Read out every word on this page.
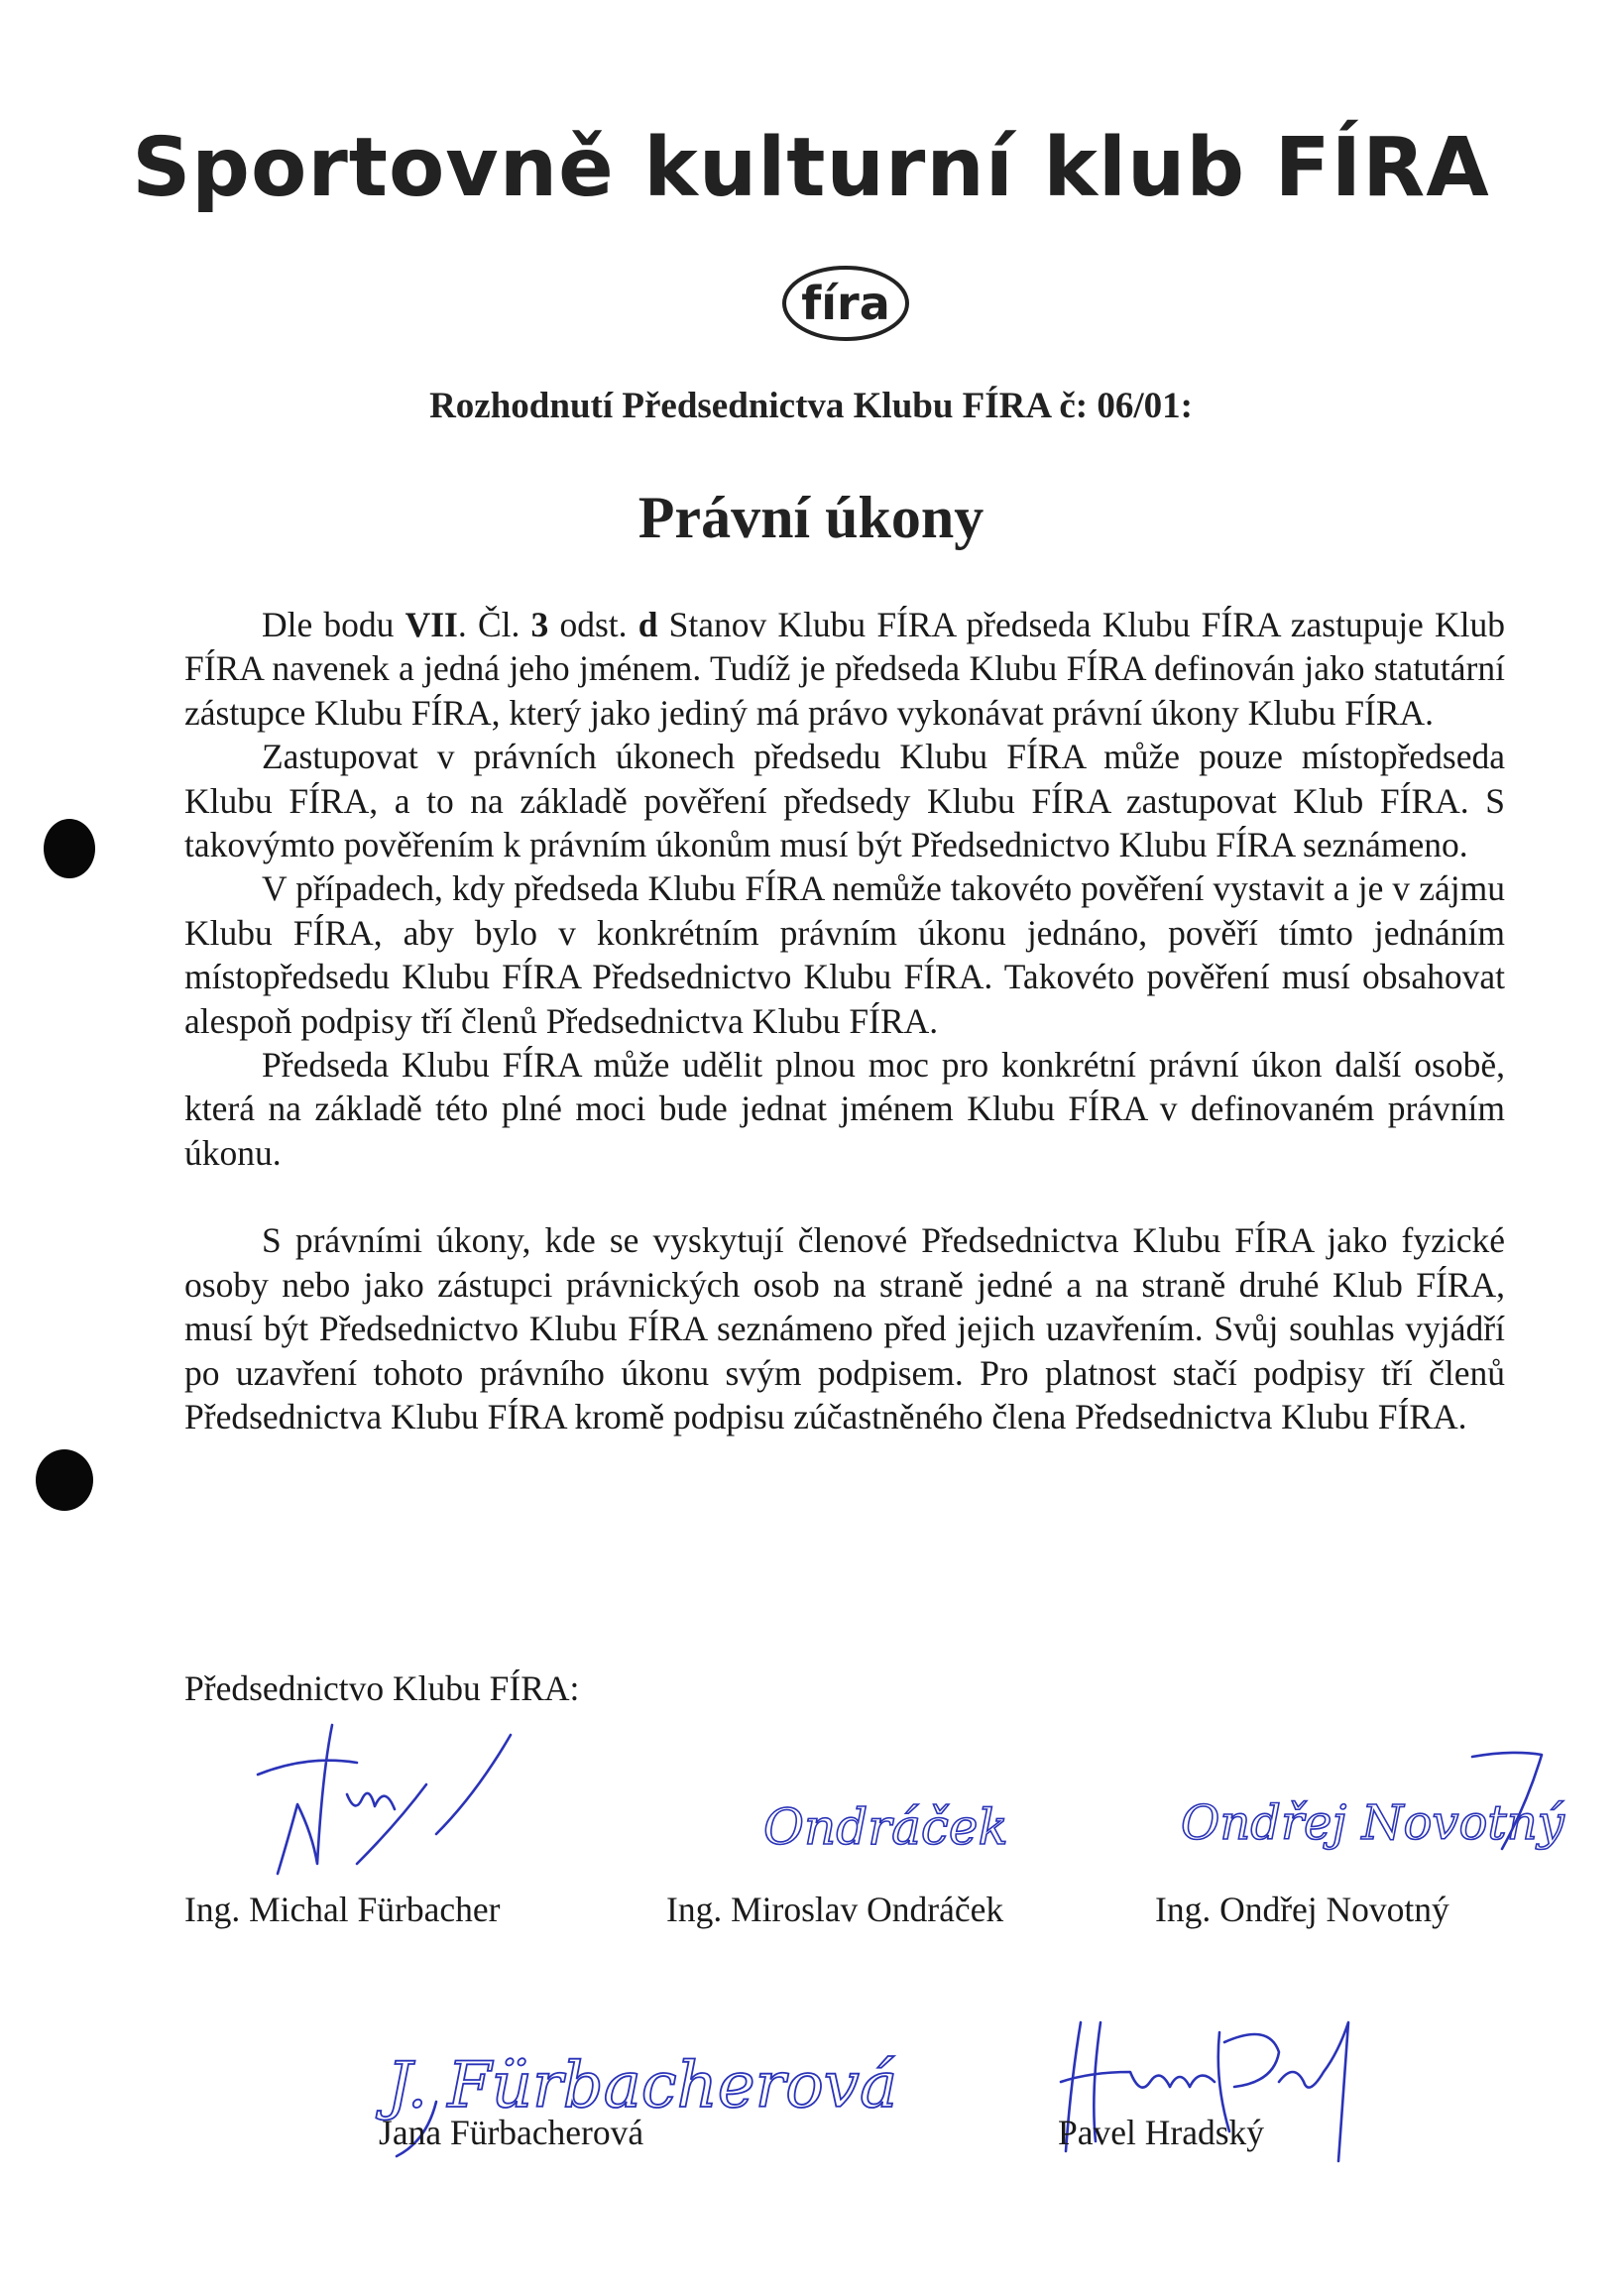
Sportovně kulturní klub FÍRA
fíra
Rozhodnutí Předsednictva Klubu FÍRA č: 06/01:
Právní úkony

Dle bodu VII. Čl. 3 odst. d Stanov Klubu FÍRA předseda Klubu FÍRA zastupuje Klub FÍRA navenek a jedná jeho jménem. Tudíž je předseda Klubu FÍRA definován jako statutární zástupce Klubu FÍRA, který jako jediný má právo vykonávat právní úkony Klubu FÍRA.

Zastupovat v právních úkonech předsedu Klubu FÍRA může pouze místopředseda Klubu FÍRA, a to na základě pověření předsedy Klubu FÍRA zastupovat Klub FÍRA. S takovýmto pověřením k právním úkonům musí být Předsednictvo Klubu FÍRA seznámeno.

V případech, kdy předseda Klubu FÍRA nemůže takovéto pověření vystavit a je v zájmu Klubu FÍRA, aby bylo v konkrétním právním úkonu jednáno, pověří tímto jednáním místopředsedu Klubu FÍRA Předsednictvo Klubu FÍRA. Takovéto pověření musí obsahovat alespoň podpisy tří členů Předsednictva Klubu FÍRA.

Předseda Klubu FÍRA může udělit plnou moc pro konkrétní právní úkon další osobě, která na základě této plné moci bude jednat jménem Klubu FÍRA v definovaném právním úkonu.

S právními úkony, kde se vyskytují členové Předsednictva Klubu FÍRA jako fyzické osoby nebo jako zástupci právnických osob na straně jedné a na straně druhé Klub FÍRA, musí být Předsednictvo Klubu FÍRA seznámeno před jejich uzavřením. Svůj souhlas vyjádří po uzavření tohoto právního úkonu svým podpisem. Pro platnost stačí podpisy tří členů Předsednictva Klubu FÍRA kromě podpisu zúčastněného člena Předsednictva Klubu FÍRA.

Předsednictvo Klubu FÍRA:
Ondráček	Ondřej Novotný
J. Fürbacherová
Ing. Michal Fürbacher	Ing. Miroslav Ondráček	Ing. Ondřej Novotný
Jana Fürbacherová	Pavel Hradský
